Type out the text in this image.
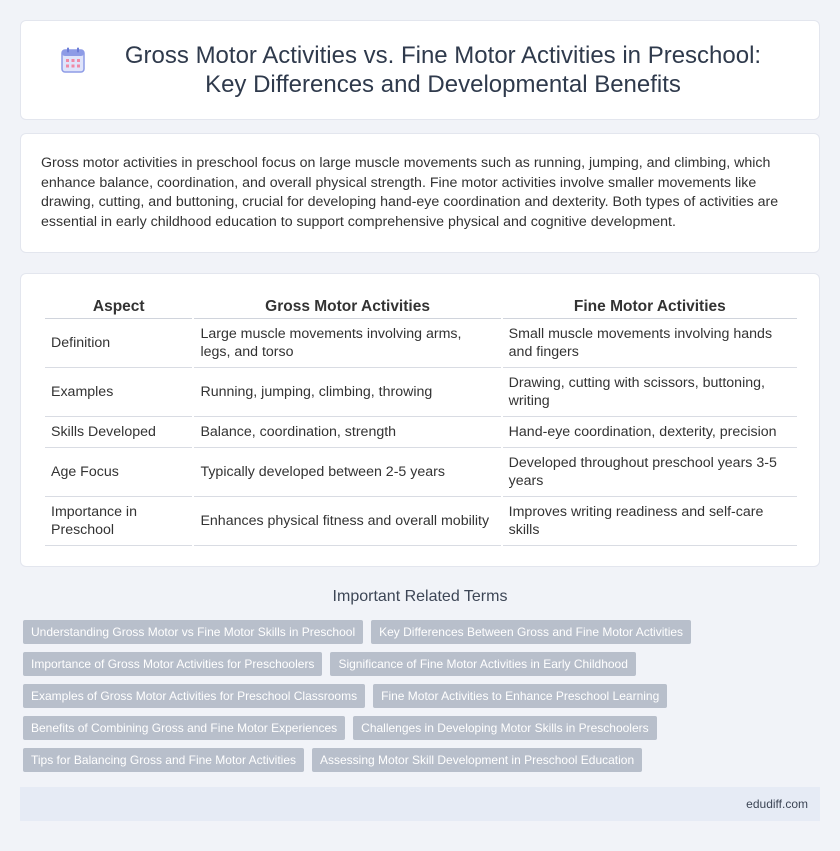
Gross Motor Activities vs. Fine Motor Activities in Preschool: Key Differences and Developmental Benefits

Gross motor activities in preschool focus on large muscle movements such as running, jumping, and climbing, which enhance balance, coordination, and overall physical strength. Fine motor activities involve smaller movements like drawing, cutting, and buttoning, crucial for developing hand-eye coordination and dexterity. Both types of activities are essential in early childhood education to support comprehensive physical and cognitive development.

Aspect	Gross Motor Activities	Fine Motor Activities
Definition	Large muscle movements involving arms, legs, and torso	Small muscle movements involving hands and fingers
Examples	Running, jumping, climbing, throwing	Drawing, cutting with scissors, buttoning, writing
Skills Developed	Balance, coordination, strength	Hand-eye coordination, dexterity, precision
Age Focus	Typically developed between 2-5 years	Developed throughout preschool years 3-5 years
Importance in Preschool	Enhances physical fitness and overall mobility	Improves writing readiness and self-care skills
Important Related Terms
Understanding Gross Motor vs Fine Motor Skills in Preschool	Key Differences Between Gross and Fine Motor Activities
Importance of Gross Motor Activities for Preschoolers	Significance of Fine Motor Activities in Early Childhood
Examples of Gross Motor Activities for Preschool Classrooms	Fine Motor Activities to Enhance Preschool Learning
Benefits of Combining Gross and Fine Motor Experiences	Challenges in Developing Motor Skills in Preschoolers
Tips for Balancing Gross and Fine Motor Activities	Assessing Motor Skill Development in Preschool Education
edudiff.com
